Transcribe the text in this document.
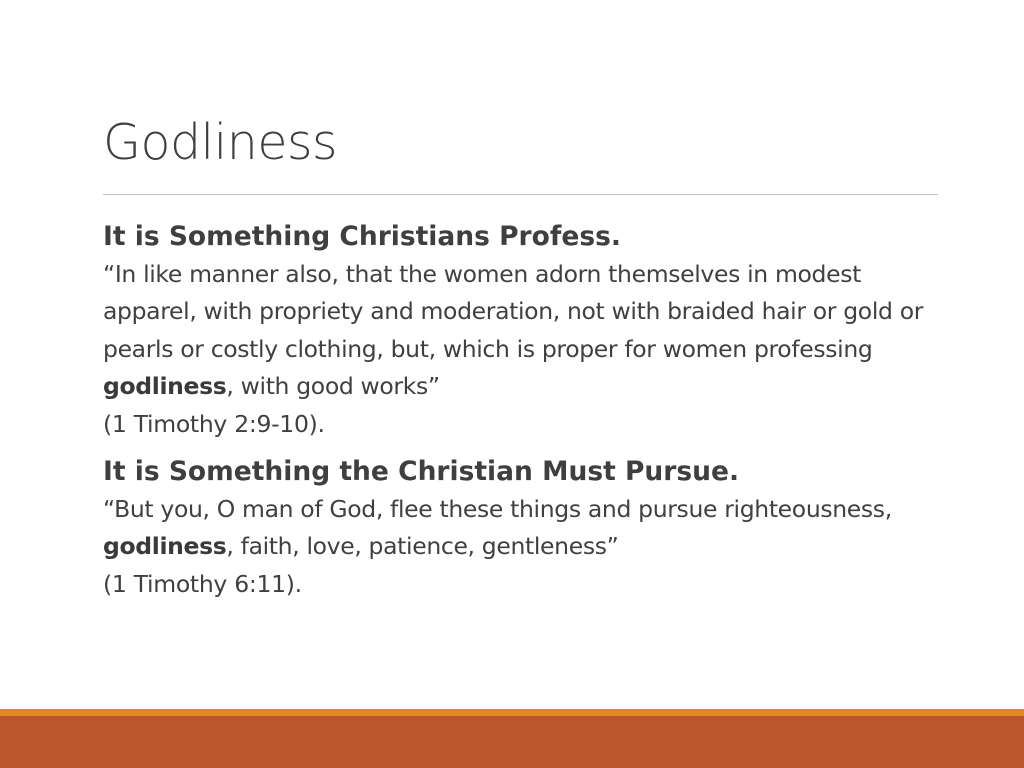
Godliness
It is Something Christians Profess.

“In like manner also, that the women adorn themselves in modest apparel, with propriety and moderation, not with braided hair or gold or pearls or costly clothing, but, which is proper for women professing godliness, with good works”

(1 Timothy 2:9-10).

It is Something the Christian Must Pursue.

“But you, O man of God, flee these things and pursue righteousness, godliness, faith, love, patience, gentleness”

(1 Timothy 6:11).
